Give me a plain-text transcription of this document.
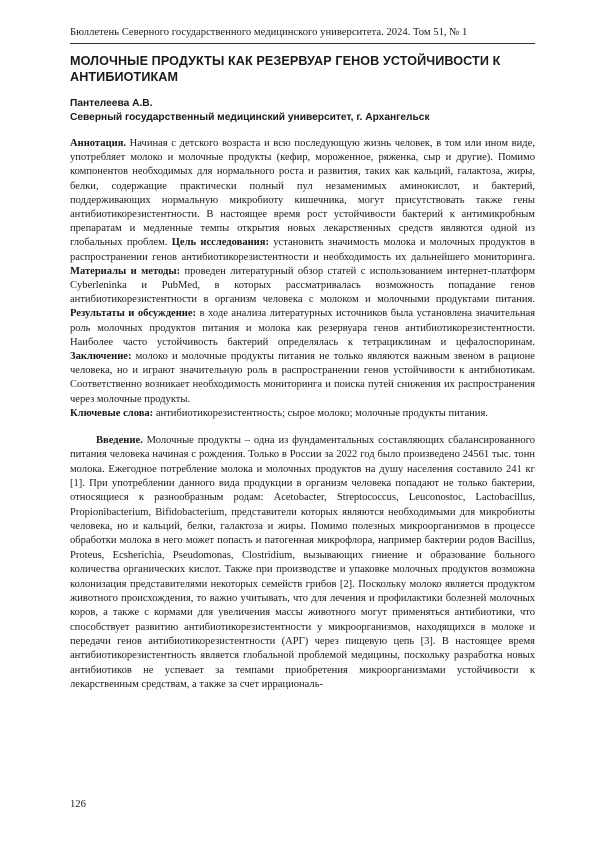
Бюллетень Северного государственного медицинского университета. 2024. Том 51, № 1
МОЛОЧНЫЕ ПРОДУКТЫ КАК РЕЗЕРВУАР ГЕНОВ УСТОЙЧИВОСТИ К АНТИБИОТИКАМ
Пантелеева А.В.
Северный государственный медицинский университет, г. Архангельск
Аннотация. Начиная с детского возраста и всю последующую жизнь человек, в том или ином виде, употребляет молоко и молочные продукты (кефир, мороженное, ряженка, сыр и другие). Помимо компонентов необходимых для нормального роста и развития, таких как кальций, галактоза, жиры, белки, содержащие практически полный пул незаменимых аминокислот, и бактерий, поддерживающих нормальную микробиоту кишечника, могут присутствовать также гены антибиотикорезистентности. В настоящее время рост устойчивости бактерий к антимикробным препаратам и медленные темпы открытия новых лекарственных средств являются одной из глобальных проблем. Цель исследования: установить значимость молока и молочных продуктов в распространении генов антибиотикорезистентности и необходимость их дальнейшего мониторинга. Материалы и методы: проведен литературный обзор статей с использованием интернет-платформ Cyberleninka и PubMed, в которых рассматривалась возможность попадание генов антибиотикорезистентности в организм человека с молоком и молочными продуктами питания. Результаты и обсуждение: в ходе анализа литературных источников была установлена значительная роль молочных продуктов питания и молока как резервуара генов антибиотикорезистентности. Наиболее часто устойчивость бактерий определялась к тетрациклинам и цефалоспоринам. Заключение: молоко и молочные продукты питания не только являются важным звеном в рационе человека, но и играют значительную роль в распространении генов устойчивости к антибиотикам. Соответственно возникает необходимость мониторинга и поиска путей снижения их распространения через молочные продукты.
Ключевые слова: антибиотикорезистентность; сырое молоко; молочные продукты питания.
Введение. Молочные продукты – одна из фундаментальных составляющих сбалансированного питания человека начиная с рождения. Только в России за 2022 год было произведено 24561 тыс. тонн молока. Ежегодное потребление молока и молочных продуктов на душу населения составило 241 кг [1]. При употреблении данного вида продукции в организм человека попадают не только бактерии, относящиеся к разнообразным родам: Acetobacter, Streptococcus, Leuconostoc, Lactobacillus, Propionibacterium, Bifidobacterium, представители которых являются необходимыми для микробиоты человека, но и кальций, белки, галактоза и жиры. Помимо полезных микроорганизмов в процессе обработки молока в него может попасть и патогенная микрофлора, например бактерии родов Bacillus, Proteus, Ecsherichia, Pseudomonas, Clostridium, вызывающих гниение и образование больного количества органических кислот. Также при производстве и упаковке молочных продуктов возможна колонизация представителями некоторых семейств грибов [2]. Поскольку молоко является продуктом животного происхождения, то важно учитывать, что для лечения и профилактики болезней молочных коров, а также с кормами для увеличения массы животного могут применяться антибиотики, что способствует развитию антибиотикорезистентности у микроорганизмов, находящихся в молоке и передачи генов антибиотикорезистентности (АРГ) через пищевую цепь [3]. В настоящее время антибиотикорезистентность является глобальной проблемой медицины, поскольку разработка новых антибиотиков не успевает за темпами приобретения микроорганизмами устойчивости к лекарственным средствам, а также за счет иррациональ-
126
